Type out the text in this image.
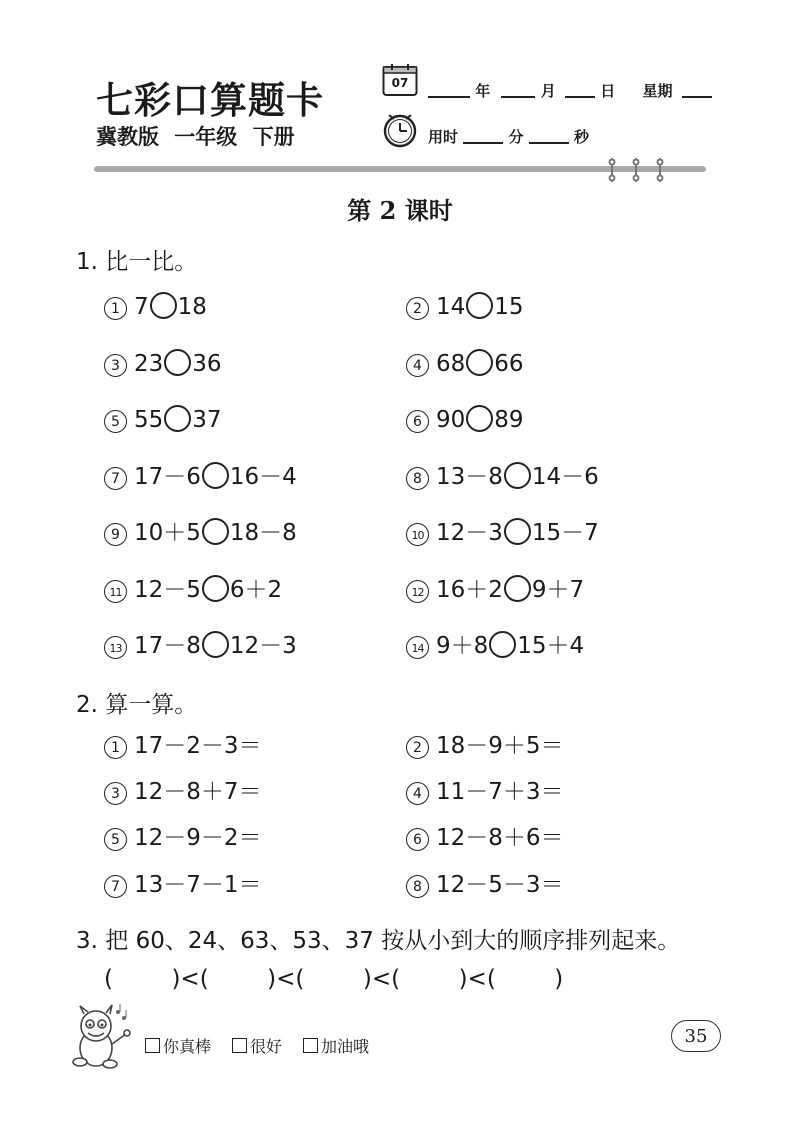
七彩口算题卡
冀教版 一年级 下册
07	年	月	日 星期
用时	分	秒
第 2 课时
1. 比一比。
1 7 18	2 14 15
3 23 36	4 68 66
5 55 37	6 90 89
7 17－6 16－4	8 13－8 14－6
9 10＋5 18－8	10 12－3 15－7
11 12－5 6＋2	12 16＋2 9＋7
13 17－8 12－3	14 9＋8 15＋4
2. 算一算。
1 17－2－3＝	2 18－9＋5＝
3 12－8＋7＝	4 11－7＋3＝
5 12－9－2＝	6 12－8＋6＝
7 13－7－1＝	8 12－5－3＝
3. 把 60、24、63、53、37 按从小到大的顺序排列起来。
(        )<(        )<(        )<(        )<(        )
你真棒	很好	加油哦	35
